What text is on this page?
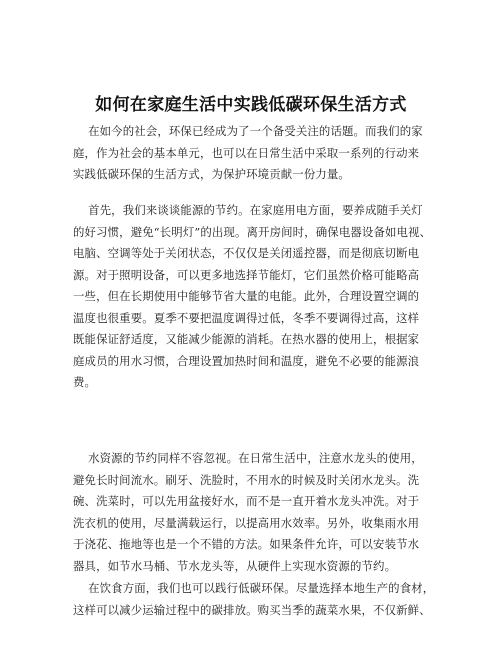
如何在家庭生活中实践低碳环保生活方式
在如今的社会，环保已经成为了一个备受关注的话题。而我们的家
庭，作为社会的基本单元，也可以在日常生活中采取一系列的行动来
实践低碳环保的生活方式，为保护环境贡献一份力量。
首先，我们来谈谈能源的节约。在家庭用电方面，要养成随手关灯
的好习惯，避免“长明灯”的出现。离开房间时，确保电器设备如电视、
电脑、空调等处于关闭状态，不仅仅是关闭遥控器，而是彻底切断电
源。对于照明设备，可以更多地选择节能灯，它们虽然价格可能略高
一些，但在长期使用中能够节省大量的电能。此外，合理设置空调的
温度也很重要。夏季不要把温度调得过低，冬季不要调得过高，这样
既能保证舒适度，又能减少能源的消耗。在热水器的使用上，根据家
庭成员的用水习惯，合理设置加热时间和温度，避免不必要的能源浪
费。
水资源的节约同样不容忽视。在日常生活中，注意水龙头的使用，
避免长时间流水。刷牙、洗脸时，不用水的时候及时关闭水龙头。洗
碗、洗菜时，可以先用盆接好水，而不是一直开着水龙头冲洗。对于
洗衣机的使用，尽量满载运行，以提高用水效率。另外，收集雨水用
于浇花、拖地等也是一个不错的方法。如果条件允许，可以安装节水
器具，如节水马桶、节水龙头等，从硬件上实现水资源的节约。
在饮食方面，我们也可以践行低碳环保。尽量选择本地生产的食材，
这样可以减少运输过程中的碳排放。购买当季的蔬菜水果，不仅新鲜、
